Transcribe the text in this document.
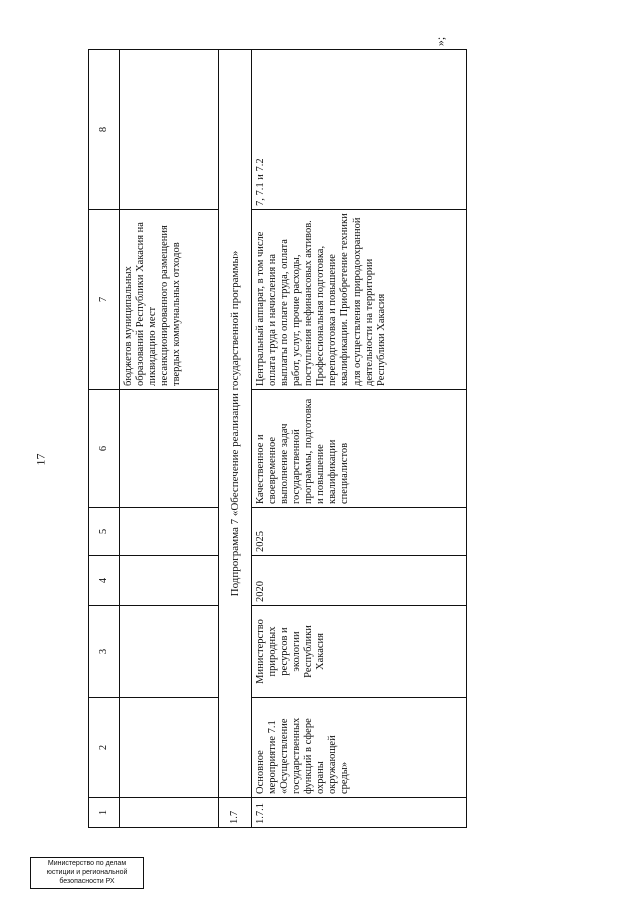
17
»;
1	2	3	4	5	6	7	8
						бюджетов муниципальных образований Республики Хакасия на ликвидацию мест несанкционированного размещения твердых коммунальных отходов	
1.7	Подпрограмма 7 «Обеспечение реализации государственной программы»						
1.7.1	Основное мероприятие 7.1 «Осуществление государственных функций в сфере охраны окружающей среды»	Министерство природных ресурсов и экологии Республики Хакасия	2020	2025	Качественное и своевременное выполнение задач государственной программы, подготовка и повышение квалификации специалистов	Центральный аппарат, в том числе оплата труда и начисления на выплаты по оплате труда, оплата работ, услуг, прочие расходы, поступления нефинансовых активов. Профессиональная подготовка, переподготовка и повышение квалификации. Приобретение техники для осуществления природоохранной деятельности на территории Республики Хакасия	7, 7.1 и 7.2
Министерство по делам
юстиции и региональной
безопасности РХ
